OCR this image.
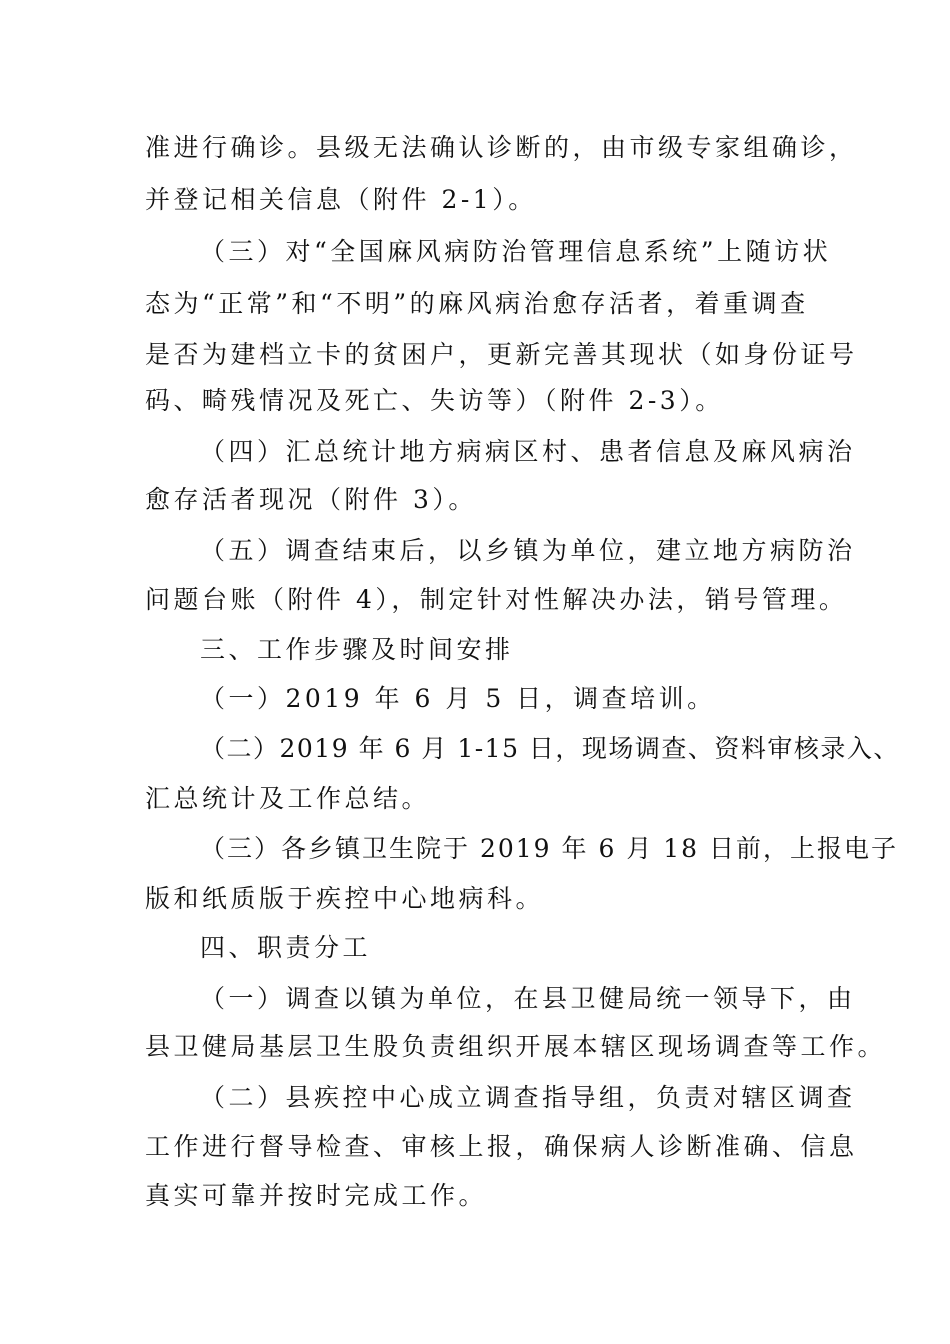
准进行确诊。县级无法确认诊断的，由市级专家组确诊，
并登记相关信息（附件 2-1）。
（三）对“全国麻风病防治管理信息系统”上随访状
态为“正常”和“不明”的麻风病治愈存活者，着重调查
是否为建档立卡的贫困户，更新完善其现状（如身份证号
码、畸残情况及死亡、失访等）（附件 2-3）。
（四）汇总统计地方病病区村、患者信息及麻风病治
愈存活者现况（附件 3）。
（五）调查结束后，以乡镇为单位，建立地方病防治
问题台账（附件 4），制定针对性解决办法，销号管理。
三、工作步骤及时间安排
（一）2019 年 6 月 5 日，调查培训。
（二）2019 年 6 月 1-15 日，现场调查、资料审核录入、
汇总统计及工作总结。
（三）各乡镇卫生院于 2019 年 6 月 18 日前，上报电子
版和纸质版于疾控中心地病科。
四、职责分工
（一）调查以镇为单位，在县卫健局统一领导下，由
县卫健局基层卫生股负责组织开展本辖区现场调查等工作。
（二）县疾控中心成立调查指导组，负责对辖区调查
工作进行督导检查、审核上报，确保病人诊断准确、信息
真实可靠并按时完成工作。
